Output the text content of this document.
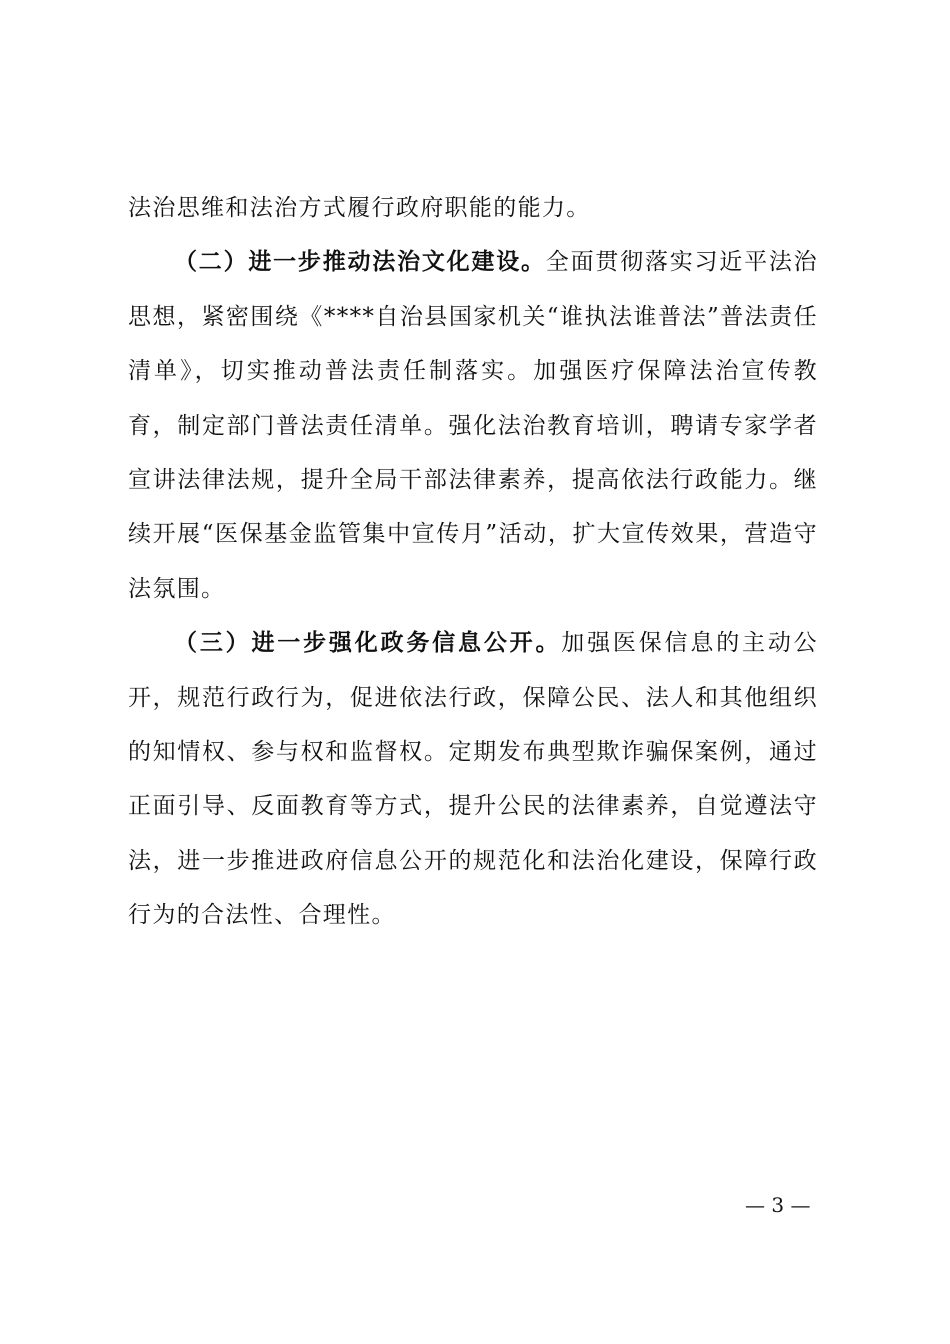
法治思维和法治方式履行政府职能的能力。

（二）进一步推动法治文化建设。全面贯彻落实习近平法治思想，紧密围绕《****自治县国家机关“谁执法谁普法”普法责任清单》，切实推动普法责任制落实。加强医疗保障法治宣传教育，制定部门普法责任清单。强化法治教育培训，聘请专家学者宣讲法律法规，提升全局干部法律素养，提高依法行政能力。继续开展“医保基金监管集中宣传月”活动，扩大宣传效果，营造守法氛围。

（三）进一步强化政务信息公开。加强医保信息的主动公开，规范行政行为，促进依法行政，保障公民、法人和其他组织的知情权、参与权和监督权。定期发布典型欺诈骗保案例，通过正面引导、反面教育等方式，提升公民的法律素养，自觉遵法守法，进一步推进政府信息公开的规范化和法治化建设，保障行政行为的合法性、合理性。

— 3 —
